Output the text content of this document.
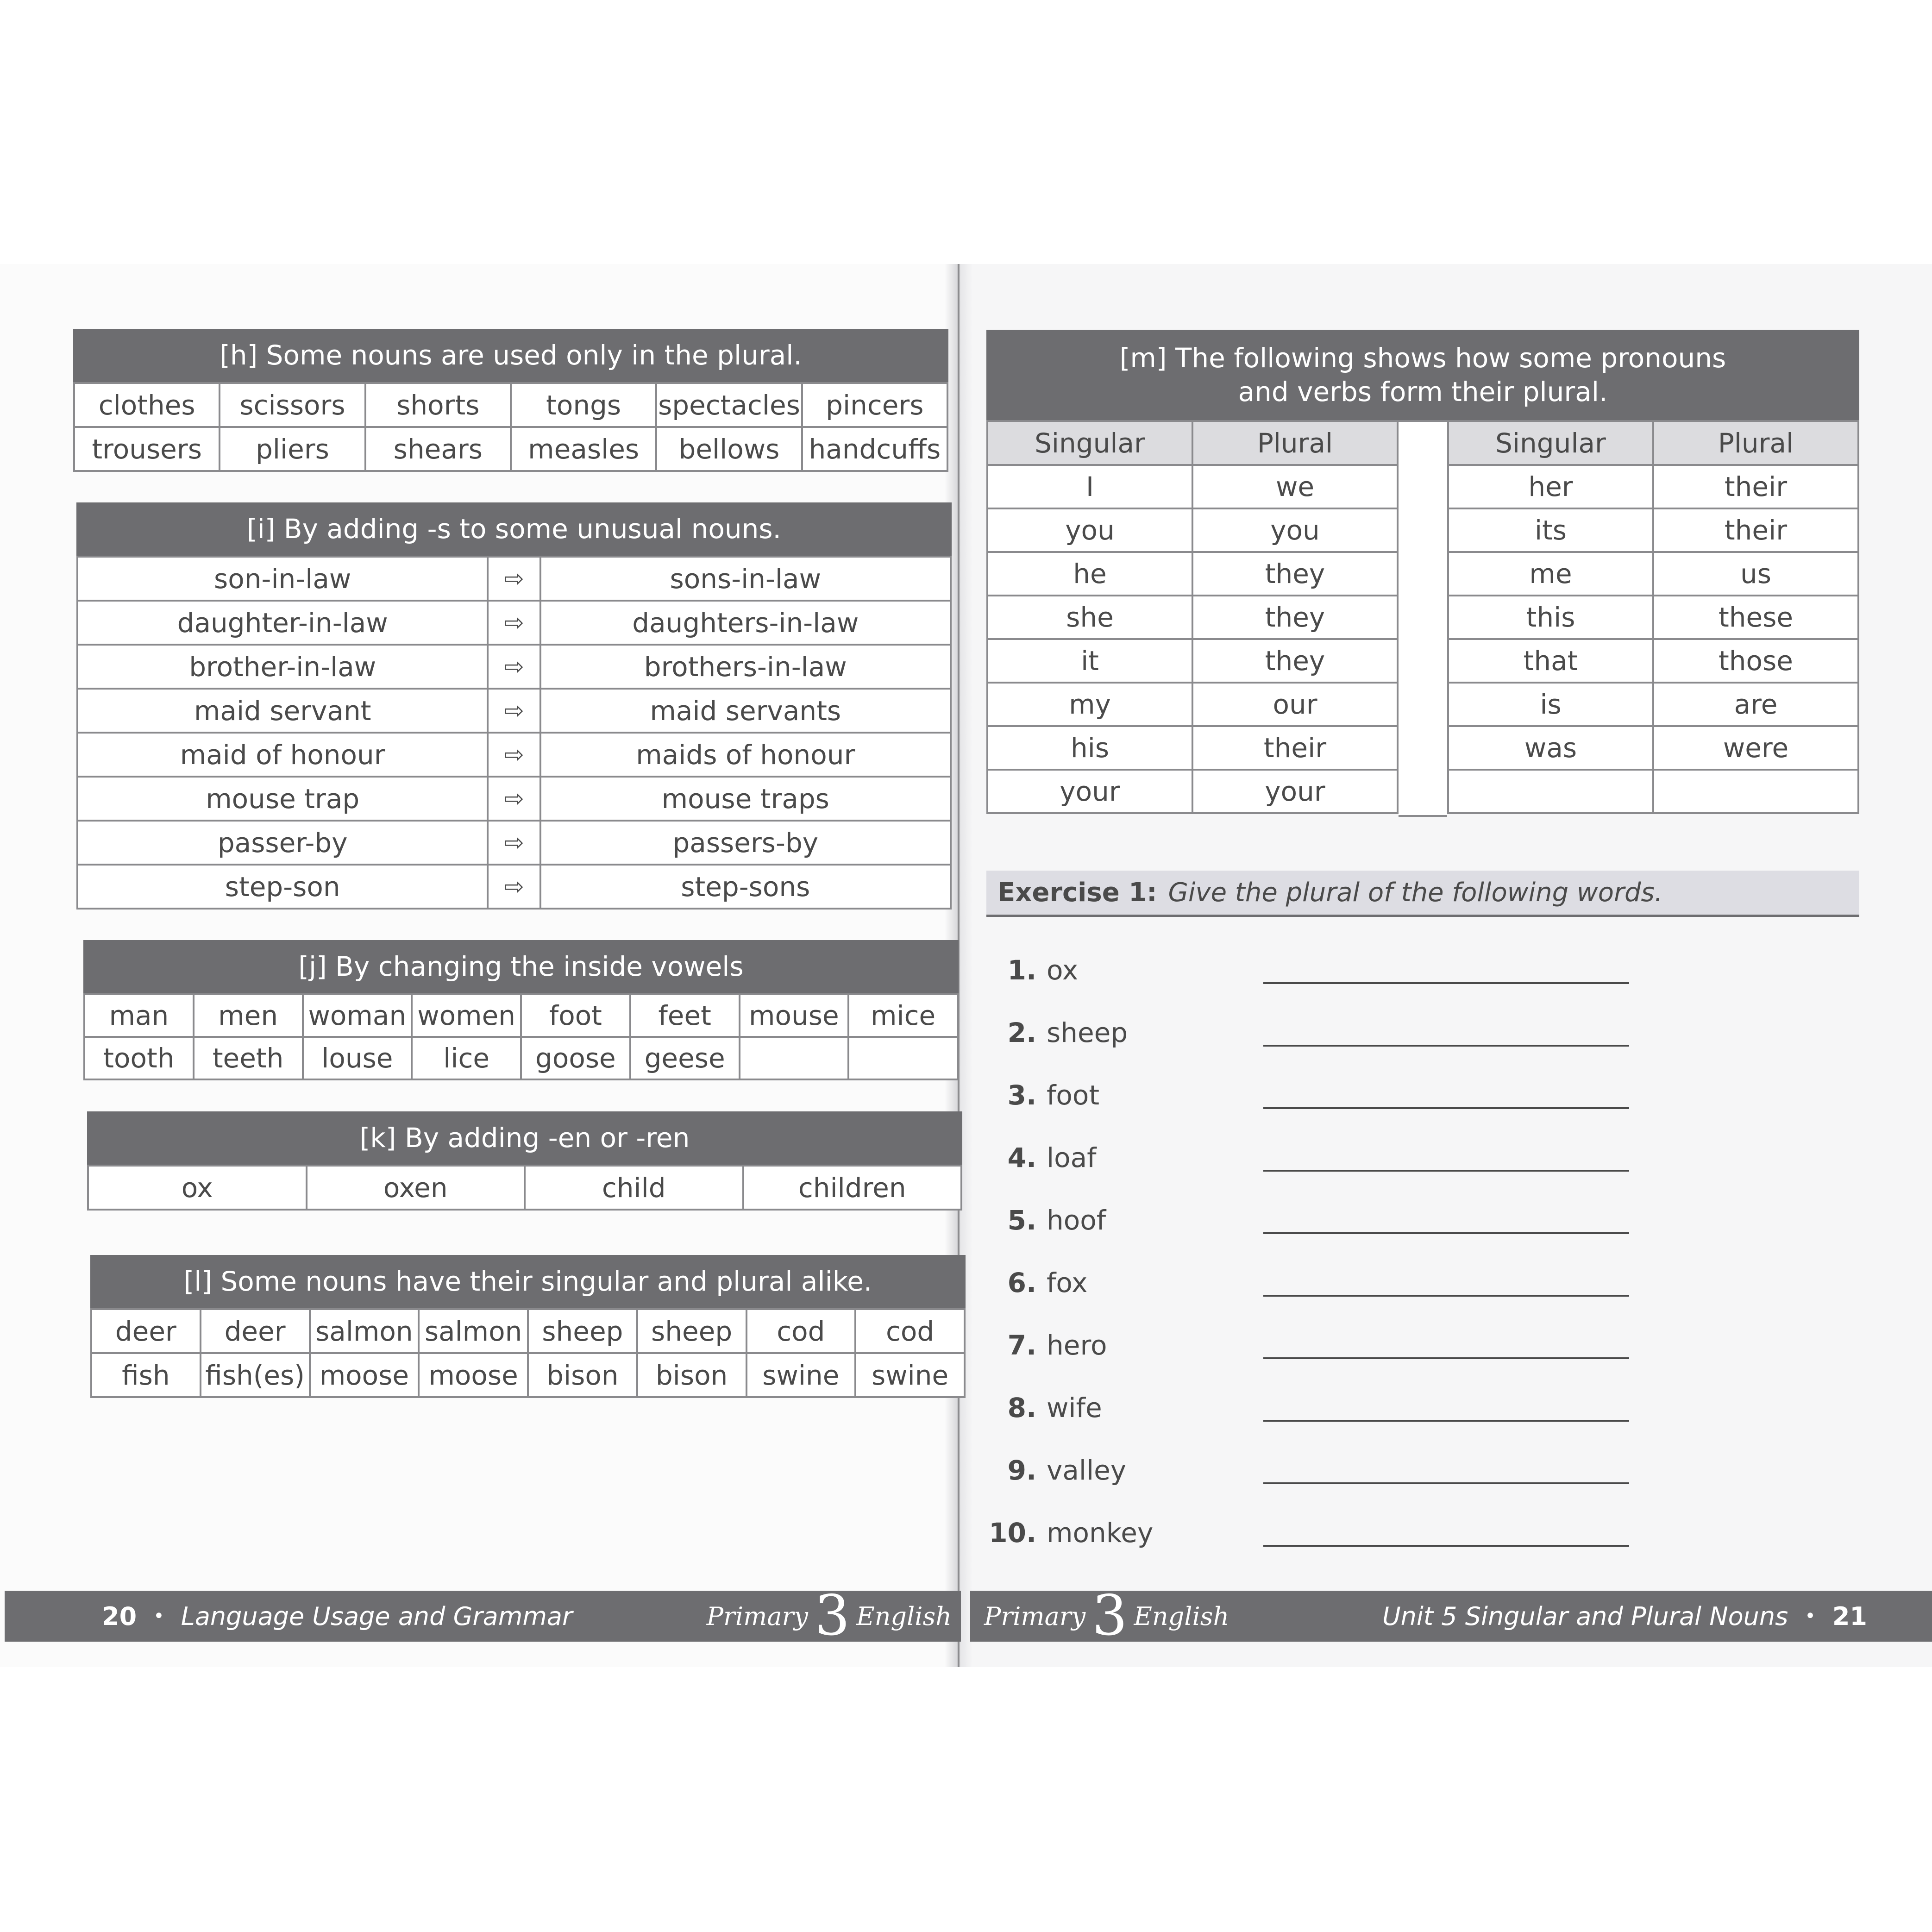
[h] Some nouns are used only in the plural.
clothes	scissors	shorts	tongs	spectacles	pincers
trousers	pliers	shears	measles	bellows	handcuffs
[i] By adding -s to some unusual nouns.
son-in-law	⇨	sons-in-law
daughter-in-law	⇨	daughters-in-law
brother-in-law	⇨	brothers-in-law
maid servant	⇨	maid servants
maid of honour	⇨	maids of honour
mouse trap	⇨	mouse traps
passer-by	⇨	passers-by
step-son	⇨	step-sons
[j] By changing the inside vowels
man	men	woman	women	foot	feet	mouse	mice
tooth	teeth	louse	lice	goose	geese		
[k] By adding -en or -ren
ox	oxen	child	children
[l] Some nouns have their singular and plural alike.
deer	deer	salmon	salmon	sheep	sheep	cod	cod
fish	fish(es)	moose	moose	bison	bison	swine	swine
[m] The following shows how some pronouns
and verbs form their plural.
Singular	Plural
I	we
you	you
he	they
she	they
it	they
my	our
his	their
your	your
Singular	Plural
her	their
its	their
me	us
this	these
that	those
is	are
was	were

Exercise 1: Give the plural of the following words.
1. ox
2. sheep
3. foot
4. loaf
5. hoof
6. fox
7. hero
8. wife
9. valley
10. monkey
20 • Language Usage and Grammar	Primary 3 English Primary 3 English	Unit 5 Singular and Plural Nouns • 21
